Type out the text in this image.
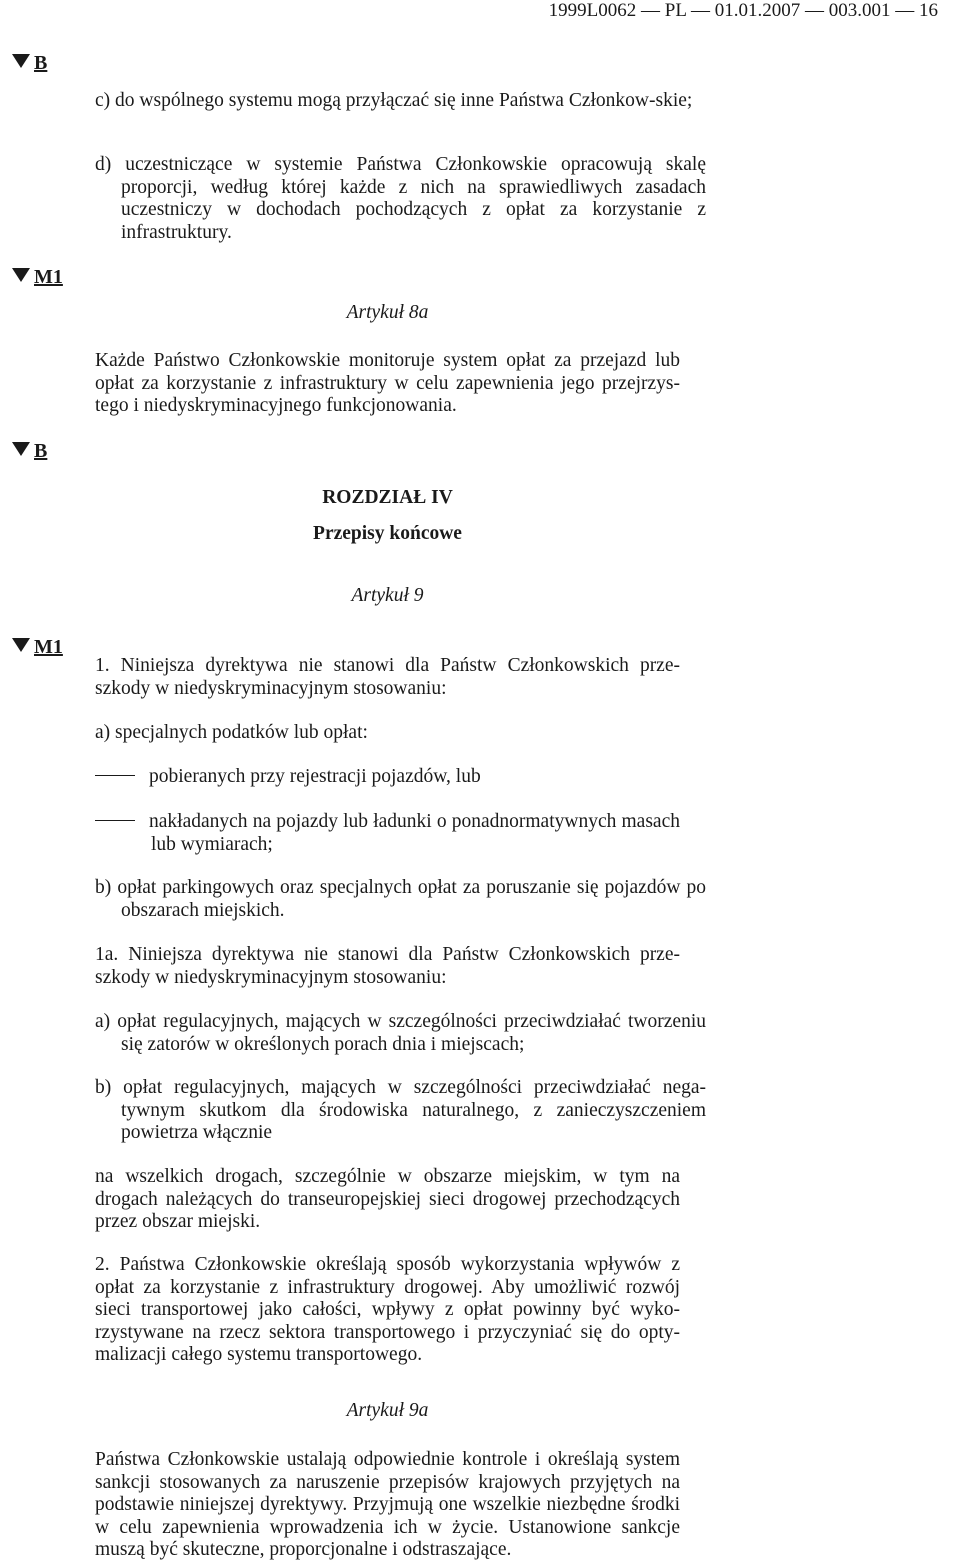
1999L0062 — PL — 01.01.2007 — 003.001 — 16
B
M1
B
M1
c) do wspólnego systemu mogą przyłączać się inne Państwa Członkow-skie;
d) uczestniczące w systemie Państwa Członkowskie opracowują skalę proporcji, według której każde z nich na sprawiedliwych zasadach uczestniczy w dochodach pochodzących z opłat za korzystanie z infrastruktury.
Artykuł 8a
Każde Państwo Członkowskie monitoruje system opłat za przejazd lub opłat za korzystanie z infrastruktury w celu zapewnienia jego przejrzys-tego i niedyskryminacyjnego funkcjonowania.
ROZDZIAŁ IV
Przepisy końcowe
Artykuł 9
1. Niniejsza dyrektywa nie stanowi dla Państw Członkowskich prze-szkody w niedyskryminacyjnym stosowaniu:
a) specjalnych podatków lub opłat:
pobieranych przy rejestracji pojazdów, lub
nakładanych na pojazdy lub ładunki o ponadnormatywnych masach lub wymiarach;
b) opłat parkingowych oraz specjalnych opłat za poruszanie się pojazdów po obszarach miejskich.
1a. Niniejsza dyrektywa nie stanowi dla Państw Członkowskich prze-szkody w niedyskryminacyjnym stosowaniu:
a) opłat regulacyjnych, mających w szczególności przeciwdziałać tworzeniu się zatorów w określonych porach dnia i miejscach;
b) opłat regulacyjnych, mających w szczególności przeciwdziałać nega-tywnym skutkom dla środowiska naturalnego, z zanieczyszczeniem powietrza włącznie
na wszelkich drogach, szczególnie w obszarze miejskim, w tym na drogach należących do transeuropejskiej sieci drogowej przechodzących przez obszar miejski.
2. Państwa Członkowskie określają sposób wykorzystania wpływów z opłat za korzystanie z infrastruktury drogowej. Aby umożliwić rozwój sieci transportowej jako całości, wpływy z opłat powinny być wyko-rzystywane na rzecz sektora transportowego i przyczyniać się do opty-malizacji całego systemu transportowego.
Artykuł 9a
Państwa Członkowskie ustalają odpowiednie kontrole i określają system sankcji stosowanych za naruszenie przepisów krajowych przyjętych na podstawie niniejszej dyrektywy. Przyjmują one wszelkie niezbędne środki w celu zapewnienia wprowadzenia ich w życie. Ustanowione sankcje muszą być skuteczne, proporcjonalne i odstraszające.
